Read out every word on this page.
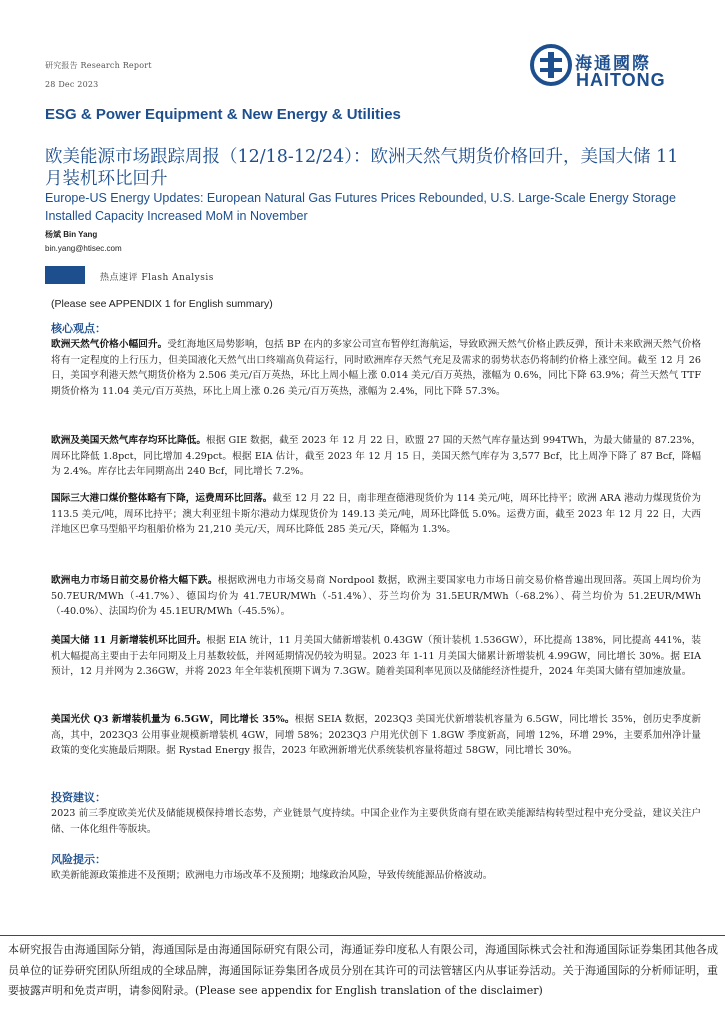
研究报告 Research Report
28 Dec 2023
海通國際
HAITONG
ESG & Power Equipment & New Energy & Utilities
欧美能源市场跟踪周报（12/18-12/24）：欧洲天然气期货价格回升，美国大储 11 月装机环比回升
Europe-US Energy Updates: European Natural Gas Futures Prices Rebounded, U.S. Large-Scale Energy Storage Installed Capacity Increased MoM in November
杨斌 Bin Yang
bin.yang@htisec.com
热点速评 Flash Analysis
(Please see APPENDIX 1 for English summary)
核心观点：
欧洲天然气价格小幅回升。受红海地区局势影响，包括 BP 在内的多家公司宣布暂停红海航运，导致欧洲天然气价格止跌反弹，预计未来欧洲天然气价格将有一定程度的上行压力，但美国液化天然气出口终端高负荷运行，同时欧洲库存天然气充足及需求的弱势状态仍将制约价格上涨空间。截至 12 月 26 日，美国亨利港天然气期货价格为 2.506 美元/百万英热，环比上周小幅上涨 0.014 美元/百万英热，涨幅为 0.6%，同比下降 63.9%；荷兰天然气 TTF 期货价格为 11.04 美元/百万英热，环比上周上涨 0.26 美元/百万英热，涨幅为 2.4%，同比下降 57.3%。
欧洲及美国天然气库存均环比降低。根据 GIE 数据，截至 2023 年 12 月 22 日，欧盟 27 国的天然气库存量达到 994TWh，为最大储量的 87.23%，周环比降低 1.8pct，同比增加 4.29pct。根据 EIA 估计，截至 2023 年 12 月 15 日，美国天然气库存为 3,577 Bcf，比上周净下降了 87 Bcf，降幅为 2.4%。库存比去年同期高出 240 Bcf，同比增长 7.2%。
国际三大港口煤价整体略有下降，运费周环比回落。截至 12 月 22 日，南非理查德港现货价为 114 美元/吨，周环比持平；欧洲 ARA 港动力煤现货价为 113.5 美元/吨，周环比持平；澳大利亚纽卡斯尔港动力煤现货价为 149.13 美元/吨，周环比降低 5.0%。运费方面，截至 2023 年 12 月 22 日，大西洋地区巴拿马型船平均租船价格为 21,210 美元/天，周环比降低 285 美元/天，降幅为 1.3%。
欧洲电力市场日前交易价格大幅下跌。根据欧洲电力市场交易商 Nordpool 数据，欧洲主要国家电力市场日前交易价格普遍出现回落。英国上周均价为 50.7EUR/MWh（-41.7%）、德国均价为 41.7EUR/MWh（-51.4%）、芬兰均价为 31.5EUR/MWh（-68.2%）、荷兰均价为 51.2EUR/MWh（-40.0%）、法国均价为 45.1EUR/MWh（-45.5%）。
美国大储 11 月新增装机环比回升。根据 EIA 统计，11 月美国大储新增装机 0.43GW（预计装机 1.536GW），环比提高 138%，同比提高 441%，装机大幅提高主要由于去年同期及上月基数较低，并网延期情况仍较为明显。2023 年 1-11 月美国大储累计新增装机 4.99GW，同比增长 30%。据 EIA 预计，12 月并网为 2.36GW，并将 2023 年全年装机预期下调为 7.3GW。随着美国利率见顶以及储能经济性提升，2024 年美国大储有望加速放量。
美国光伏 Q3 新增装机量为 6.5GW，同比增长 35%。根据 SEIA 数据，2023Q3 美国光伏新增装机容量为 6.5GW，同比增长 35%，创历史季度新高，其中，2023Q3 公用事业规模新增装机 4GW，同增 58%；2023Q3 户用光伏创下 1.8GW 季度新高，同增 12%，环增 29%，主要系加州净计量政策的变化实施最后期限。据 Rystad Energy 报告，2023 年欧洲新增光伏系统装机容量将超过 58GW，同比增长 30%。
投资建议：
2023 前三季度欧美光伏及储能规模保持增长态势，产业链景气度持续。中国企业作为主要供货商有望在欧美能源结构转型过程中充分受益，建议关注户储、一体化组件等版块。
风险提示：
欧美新能源政策推进不及预期；欧洲电力市场改革不及预期；地缘政治风险，导致传统能源品价格波动。
本研究报告由海通国际分销，海通国际是由海通国际研究有限公司，海通证券印度私人有限公司，海通国际株式会社和海通国际证券集团其他各成员单位的证券研究团队所组成的全球品牌，海通国际证券集团各成员分别在其许可的司法管辖区内从事证券活动。关于海通国际的分析师证明，重要披露声明和免责声明，请参阅附录。(Please see appendix for English translation of the disclaimer)
